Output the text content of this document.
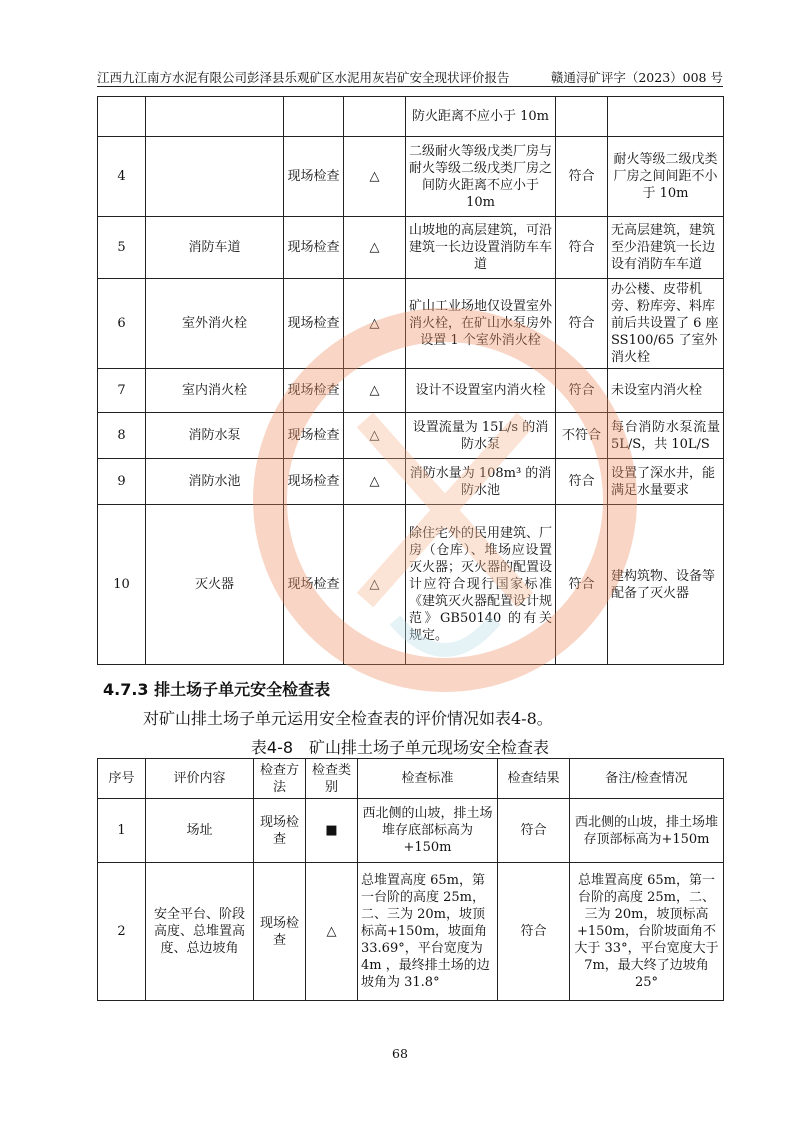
江西九江南方水泥有限公司彭泽县乐观矿区水泥用灰岩矿安全现状评价报告	赣通浔矿评字（2023）008 号
				防火距离不应小于 10m		
4		现场检查	△	二级耐火等级戊类厂房与耐火等级二级戊类厂房之间防火距离不应小于 10m	符合	耐火等级二级戊类厂房之间间距不小于 10m
5	消防车道	现场检查	△	山坡地的高层建筑，可沿建筑一长边设置消防车车道	符合	无高层建筑，建筑至少沿建筑一长边设有消防车车道
6	室外消火栓	现场检查	△	矿山工业场地仅设置室外消火栓，在矿山水泵房外设置 1 个室外消火栓	符合	办公楼、皮带机旁、粉库旁、料库前后共设置了 6 座 SS100/65 了室外消火栓
7	室内消火栓	现场检查	△	设计不设置室内消火栓	符合	未设室内消火栓
8	消防水泵	现场检查	△	设置流量为 15L/s 的消防水泵	不符合	每台消防水泵流量 5L/S，共 10L/S
9	消防水池	现场检查	△	消防水量为 108m³ 的消防水池	符合	设置了深水井，能满足水量要求
10	灭火器	现场检查	△	除住宅外的民用建筑、厂房（仓库）、堆场应设置灭火器；灭火器的配置设计应符合现行国家标准《建筑灭火器配置设计规范》GB50140 的有关规定。	符合	建构筑物、设备等配备了灭火器
4.7.3 排土场子单元安全检查表
对矿山排土场子单元运用安全检查表的评价情况如表4-8。
表4-8　矿山排土场子单元现场安全检查表
序号	评价内容	检查方法	检查类别	检查标准	检查结果	备注/检查情况
1	场址	现场检查	■	西北侧的山坡，排土场堆存底部标高为+150m	符合	西北侧的山坡，排土场堆存顶部标高为+150m
2	安全平台、阶段高度、总堆置高度、总边坡角	现场检查	△	总堆置高度 65m，第一台阶的高度 25m，二、三为 20m，坡顶标高+150m，坡面角 33.69°，平台宽度为 4m ，最终排土场的边坡角为 31.8°	符合	总堆置高度 65m，第一台阶的高度 25m，二、三为 20m，坡顶标高+150m，台阶坡面角不大于 33°，平台宽度大于 7m，最大终了边坡角 25°
68
